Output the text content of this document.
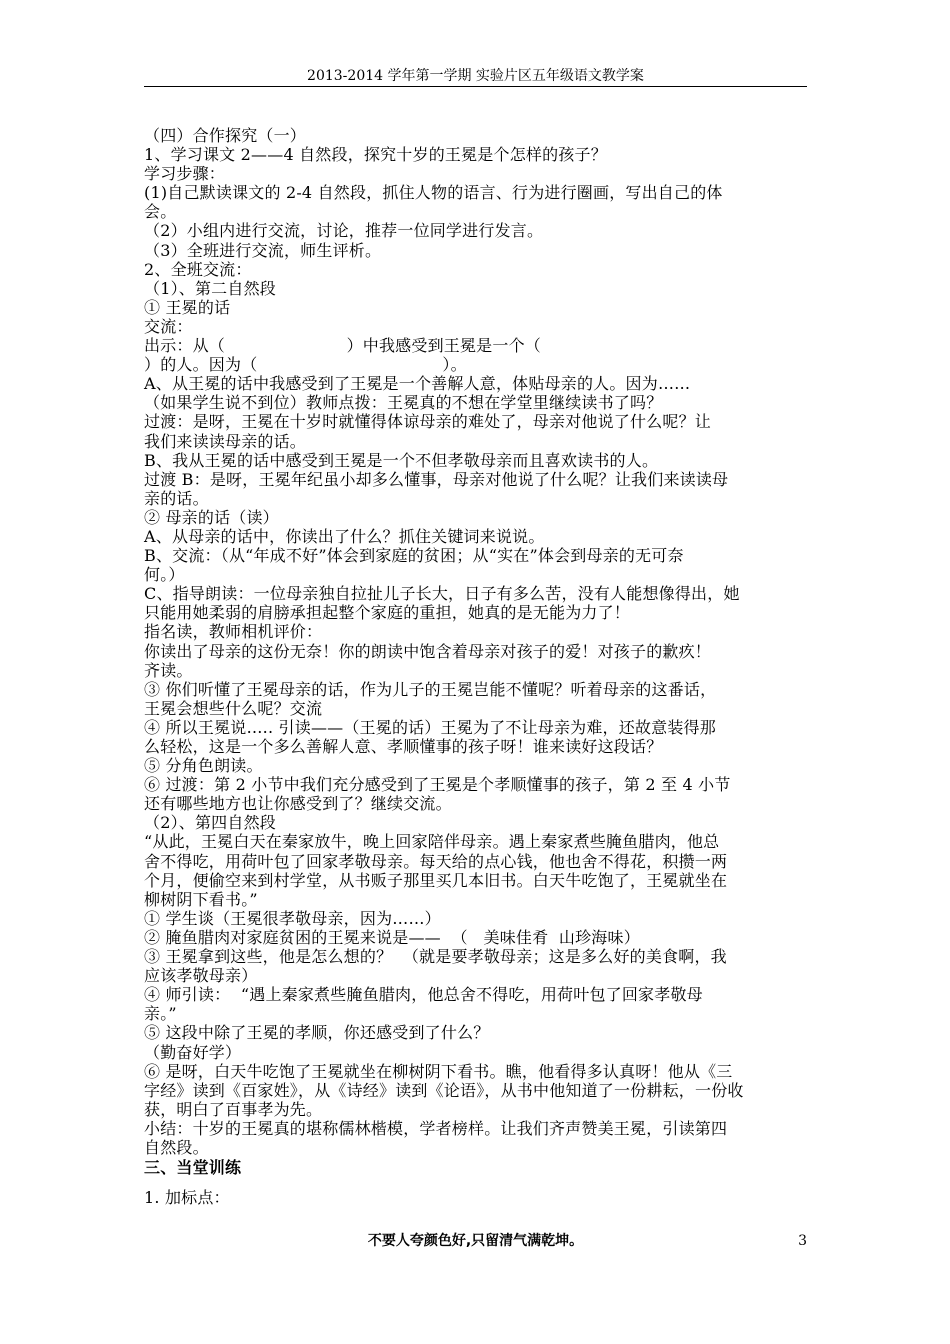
2013-2014 学年第一学期 实验片区五年级语文教学案
（四）合作探究（一）
1、学习课文 2——4 自然段，探究十岁的王冕是个怎样的孩子？
学习步骤：
(1)自己默读课文的 2-4 自然段，抓住人物的语言、行为进行圈画，写出自己的体
会。
（2）小组内进行交流，讨论，推荐一位同学进行发言。
（3）全班进行交流，师生评析。
2、全班交流：
（1）、第二自然段
① 王冕的话
交流：
出示：从（                       ）中我感受到王冕是一个（
）的人。因为（                                   ）。
A、从王冕的话中我感受到了王冕是一个善解人意，体贴母亲的人。因为……
（如果学生说不到位）教师点拨：王冕真的不想在学堂里继续读书了吗？
过渡：是呀，王冕在十岁时就懂得体谅母亲的难处了，母亲对他说了什么呢？让
我们来读读母亲的话。
B、我从王冕的话中感受到王冕是一个不但孝敬母亲而且喜欢读书的人。
过渡 B：是呀，王冕年纪虽小却多么懂事，母亲对他说了什么呢？让我们来读读母
亲的话。
② 母亲的话（读）
A、从母亲的话中，你读出了什么？抓住关键词来说说。
B、交流：（从“年成不好”体会到家庭的贫困；从“实在”体会到母亲的无可奈
何。）
C、指导朗读：一位母亲独自拉扯儿子长大，日子有多么苦，没有人能想像得出，她
只能用她柔弱的肩膀承担起整个家庭的重担，她真的是无能为力了！
指名读，教师相机评价：
你读出了母亲的这份无奈！你的朗读中饱含着母亲对孩子的爱！对孩子的歉疚！
齐读。
③ 你们听懂了王冕母亲的话，作为儿子的王冕岂能不懂呢？听着母亲的这番话，
王冕会想些什么呢？交流
④ 所以王冕说….. 引读——（王冕的话）王冕为了不让母亲为难，还故意装得那
么轻松，这是一个多么善解人意、孝顺懂事的孩子呀！谁来读好这段话？
⑤ 分角色朗读。
⑥ 过渡：第 2 小节中我们充分感受到了王冕是个孝顺懂事的孩子，第 2 至 4 小节
还有哪些地方也让你感受到了？继续交流。
（2）、第四自然段
“从此，王冕白天在秦家放牛，晚上回家陪伴母亲。遇上秦家煮些腌鱼腊肉，他总
舍不得吃，用荷叶包了回家孝敬母亲。每天给的点心钱，他也舍不得花，积攒一两
个月，便偷空来到村学堂，从书贩子那里买几本旧书。白天牛吃饱了，王冕就坐在
柳树阴下看书。”
① 学生谈（王冕很孝敬母亲，因为……）
② 腌鱼腊肉对家庭贫困的王冕来说是——  （   美味佳肴  山珍海味）
③ 王冕拿到这些，他是怎么想的？  （就是要孝敬母亲；这是多么好的美食啊，我
应该孝敬母亲）
④ 师引读：  “遇上秦家煮些腌鱼腊肉，他总舍不得吃，用荷叶包了回家孝敬母
亲。”
⑤ 这段中除了王冕的孝顺，你还感受到了什么？
（勤奋好学）
⑥ 是呀，白天牛吃饱了王冕就坐在柳树阴下看书。瞧，他看得多认真呀！他从《三
字经》读到《百家姓》，从《诗经》读到《论语》，从书中他知道了一份耕耘，一份收
获，明白了百事孝为先。
小结：十岁的王冕真的堪称儒林楷模，学者榜样。让我们齐声赞美王冕，引读第四
自然段。
三、当堂训练
1. 加标点：
不要人夸颜色好,只留清气满乾坤。	3
